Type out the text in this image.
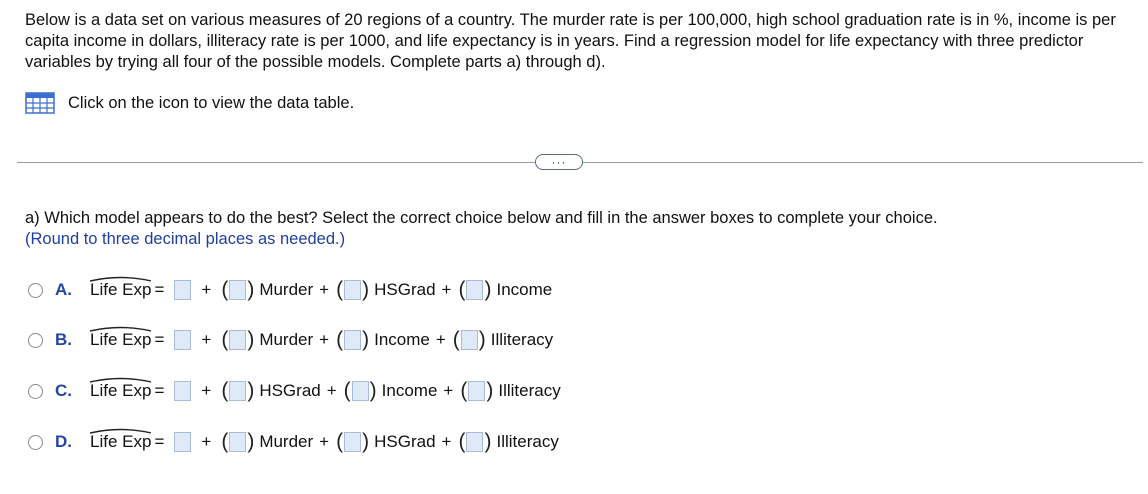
Below is a data set on various measures of 20 regions of a country. The murder rate is per 100,000, high school graduation rate is in %, income is per capita income in dollars, illiteracy rate is per 1000, and life expectancy is in years. Find a regression model for life expectancy with three predictor variables by trying all four of the possible models. Complete parts a) through d).
Click on the icon to view the data table.
···
a) Which model appears to do the best? Select the correct choice below and fill in the answer boxes to complete your choice.
(Round to three decimal places as needed.)
A.	Life Exp = + ( ) Murder + ( ) HSGrad + ( ) Income
B.	Life Exp = + ( ) Murder + ( ) Income + ( ) Illiteracy
C.	Life Exp = + ( ) HSGrad + ( ) Income + ( ) Illiteracy
D.	Life Exp = + ( ) Murder + ( ) HSGrad + ( ) Illiteracy
